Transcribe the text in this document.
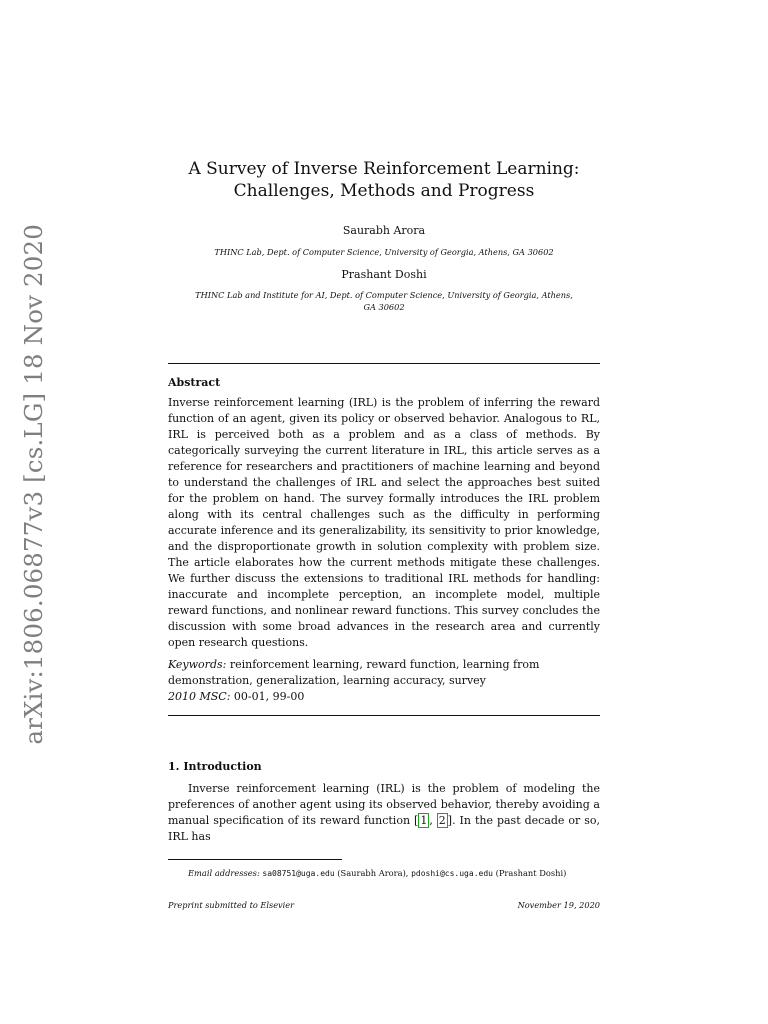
arXiv:1806.06877v3 [cs.LG] 18 Nov 2020
A Survey of Inverse Reinforcement Learning:
Challenges, Methods and Progress
Saurabh Arora
THINC Lab, Dept. of Computer Science, University of Georgia, Athens, GA 30602
Prashant Doshi
THINC Lab and Institute for AI, Dept. of Computer Science, University of Georgia, Athens,
GA 30602
Abstract
Inverse reinforcement learning (IRL) is the problem of inferring the reward function of an agent, given its policy or observed behavior. Analogous to RL, IRL is perceived both as a problem and as a class of methods. By categorically surveying the current literature in IRL, this article serves as a reference for researchers and practitioners of machine learning and beyond to understand the challenges of IRL and select the approaches best suited for the problem on hand. The survey formally introduces the IRL problem along with its central challenges such as the difficulty in performing accurate inference and its generalizability, its sensitivity to prior knowledge, and the disproportionate growth in solution complexity with problem size. The article elaborates how the current methods mitigate these challenges. We further discuss the extensions to traditional IRL methods for handling: inaccurate and incomplete perception, an incomplete model, multiple reward functions, and nonlinear reward functions. This survey concludes the discussion with some broad advances in the research area and currently open research questions.
Keywords: reinforcement learning, reward function, learning from demonstration, generalization, learning accuracy, survey
2010 MSC: 00-01, 99-00
1. Introduction
Inverse reinforcement learning (IRL) is the problem of modeling the preferences of another agent using its observed behavior, thereby avoiding a manual specification of its reward function [ 1 , 2 ]. In the past decade or so, IRL has
Email addresses: sa08751@uga.edu (Saurabh Arora), pdoshi@cs.uga.edu (Prashant Doshi)
Preprint submitted to Elsevier	November 19, 2020
